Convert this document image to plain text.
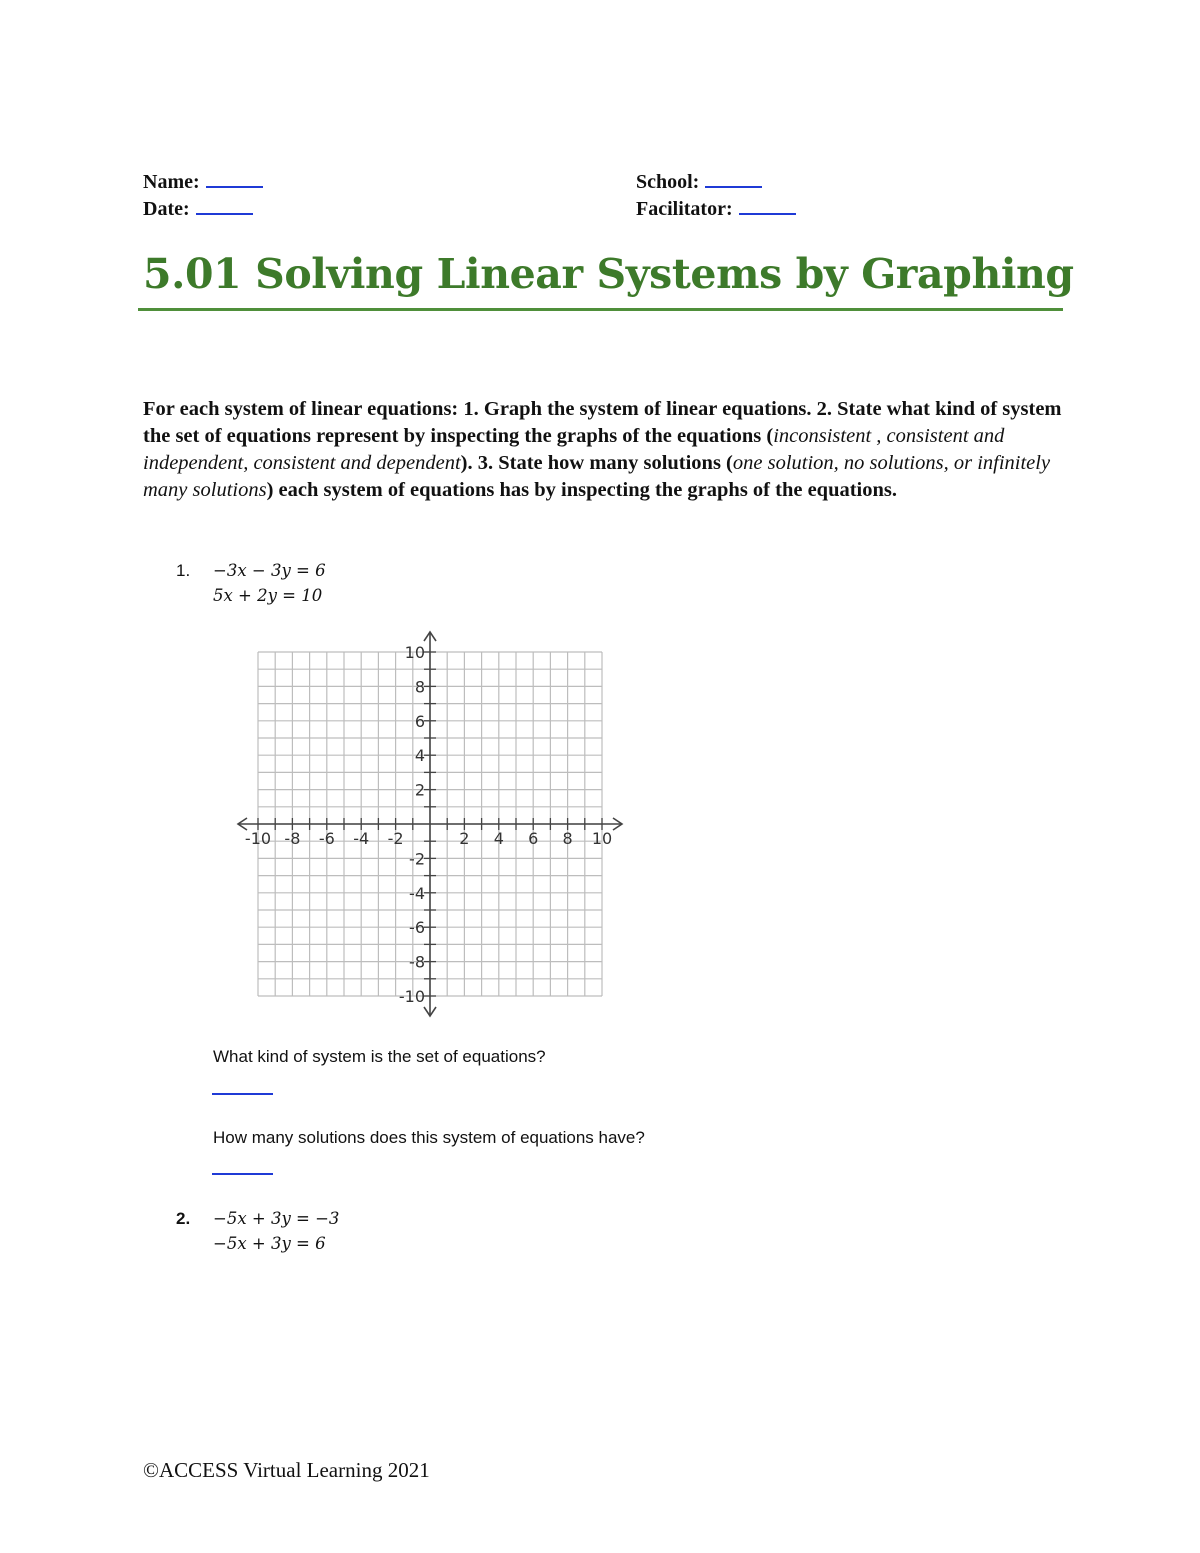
Name:
Date:
School:
Facilitator:
5.01 Solving Linear Systems by Graphing
For each system of linear equations: 1. Graph the system of linear equations. 2. State what kind of system the set of equations represent by inspecting the graphs of the equations (inconsistent , consistent and independent, consistent and dependent). 3. State how many solutions (one solution, no solutions, or infinitely many solutions) each system of equations has by inspecting the graphs of the equations.
1. −3x − 3y = 6
5x + 2y = 10
-10 -8 -6 -4 -2	2 4 6 8 10
10
8
6
4
2
-2
-4
-6
-8
-10
What kind of system is the set of equations?
How many solutions does this system of equations have?
2. −5x + 3y = −3
−5x + 3y = 6
©ACCESS Virtual Learning 2021
